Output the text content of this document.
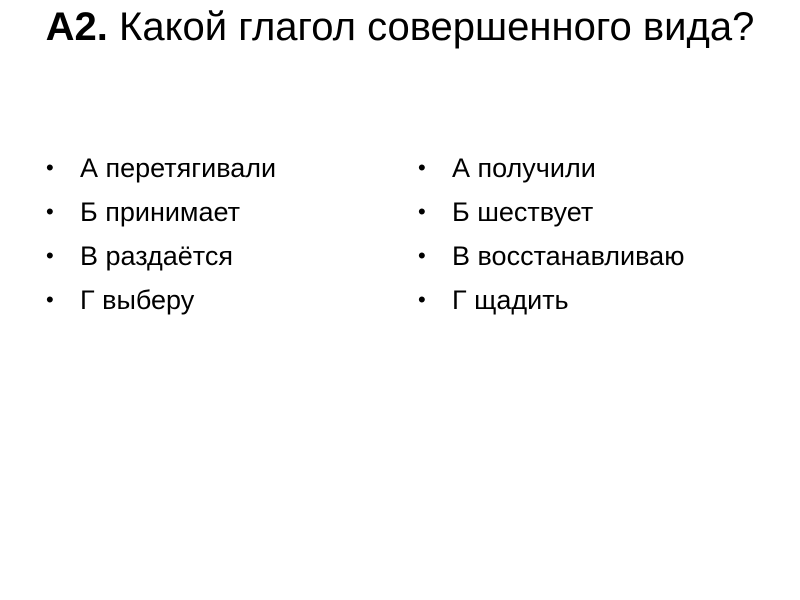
А2. Какой глагол совершенного вида?
• А перетягивали
• Б принимает
• В раздаётся
• Г выберу
• А получили
• Б шествует
• В восстанавливаю
• Г щадить
